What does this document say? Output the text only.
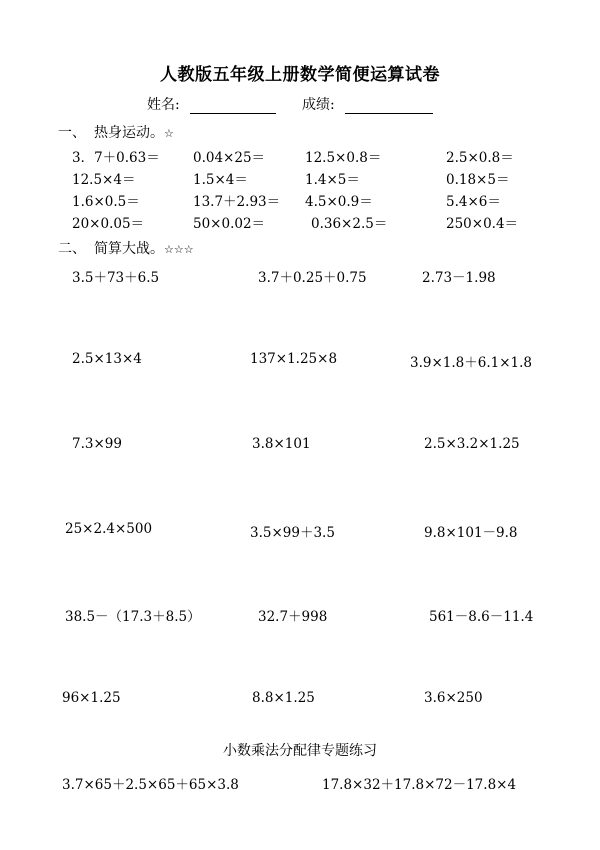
人教版五年级上册数学简便运算试卷
姓名:	成绩:
一、 热身运动。☆
3．7＋0.63＝ 0.04×25＝	12.5×0.8＝	2.5×0.8＝
12.5×4＝	1.5×4＝	1.4×5＝	0.18×5＝
1.6×0.5＝	13.7＋2.93＝ 4.5×0.9＝	5.4×6＝
20×0.05＝	50×0.02＝	0.36×2.5＝	250×0.4＝
二、 简算大战。☆☆☆
3.5＋73＋6.5	3.7＋0.25＋0.75	2.73－1.98
2.5×13×4	137×1.25×8	3.9×1.8＋6.1×1.8
7.3×99	3.8×101	2.5×3.2×1.25
25×2.4×500	3.5×99＋3.5	9.8×101－9.8
38.5－（17.3＋8.5）	32.7＋998	561－8.6－11.4
96×1.25	8.8×1.25	3.6×250
小数乘法分配律专题练习
3.7×65＋2.5×65＋65×3.8	17.8×32＋17.8×72－17.8×4
